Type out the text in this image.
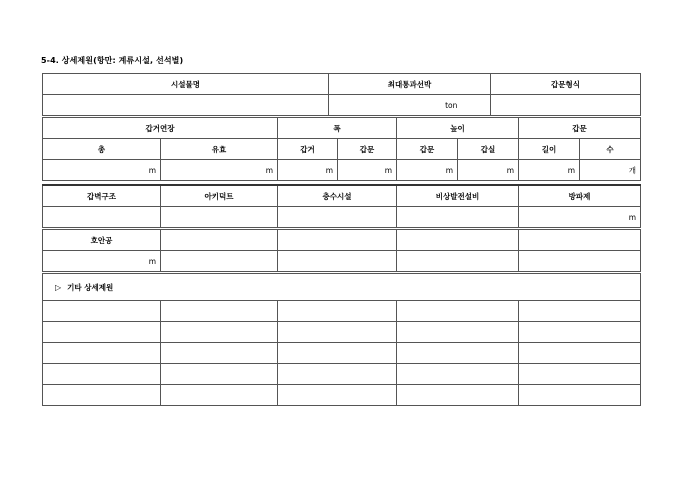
5-4. 상세제원(항만: 계류시설, 선석별)
시설물명	최대통과선박	갑문형식
	ton	
갑거연장		폭		높이		갑문	
총	유효	갑거	갑문	갑문	갑실	길이	수
m	m	m	m	m	m	m	개
갑벽구조	아키덕트	충수시설	비상발전설비	방파제
				m
호안공				
m				
▷ 기타 상세제원				
